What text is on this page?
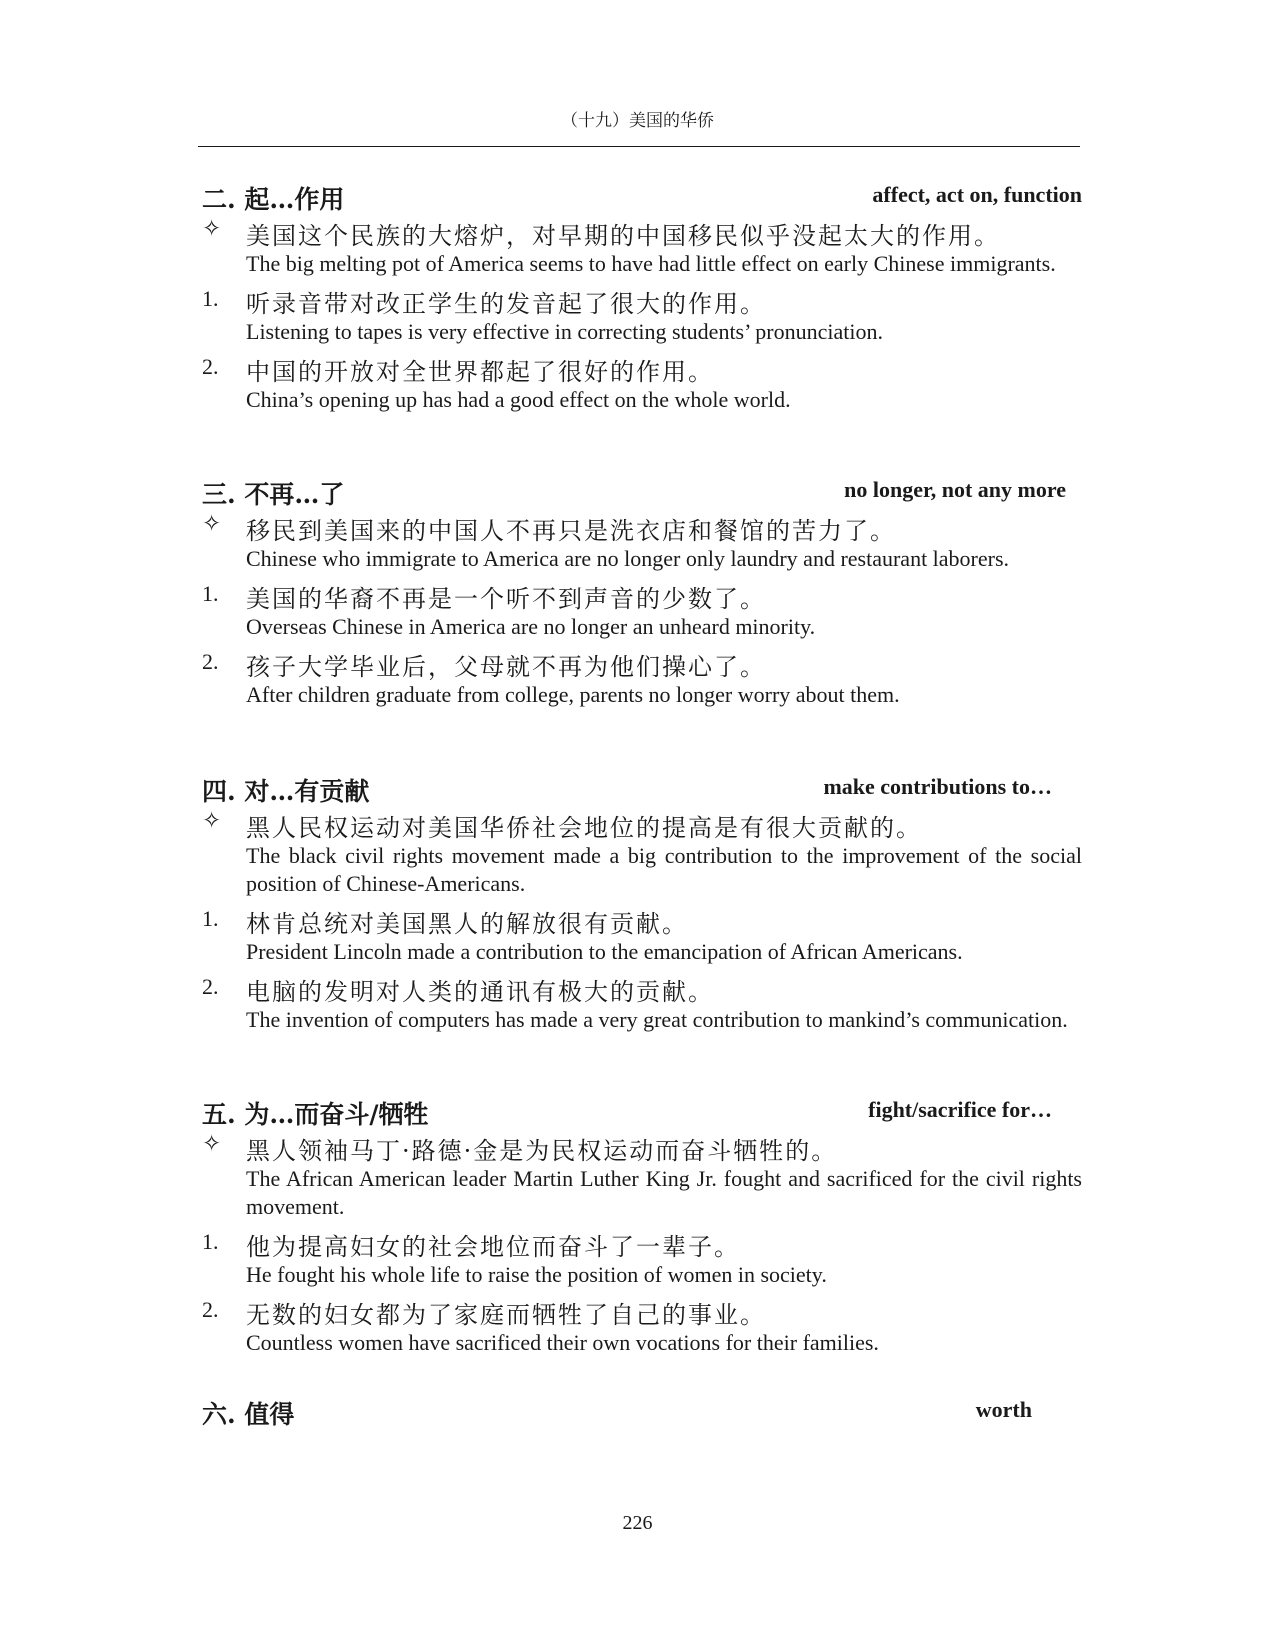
（十九）美国的华侨
二. 起…作用	affect, act on, function
✧ 美国这个民族的大熔炉，对早期的中国移民似乎没起太大的作用。
The big melting pot of America seems to have had little effect on early Chinese immigrants.
1. 听录音带对改正学生的发音起了很大的作用。
Listening to tapes is very effective in correcting students’ pronunciation.
2. 中国的开放对全世界都起了很好的作用。
China’s opening up has had a good effect on the whole world.
三. 不再…了	no longer, not any more
✧ 移民到美国来的中国人不再只是洗衣店和餐馆的苦力了。
Chinese who immigrate to America are no longer only laundry and restaurant laborers.
1. 美国的华裔不再是一个听不到声音的少数了。
Overseas Chinese in America are no longer an unheard minority.
2. 孩子大学毕业后，父母就不再为他们操心了。
After children graduate from college, parents no longer worry about them.
四. 对…有贡献	make contributions to…
✧ 黑人民权运动对美国华侨社会地位的提高是有很大贡献的。
The black civil rights movement made a big contribution to the improvement of the social position of Chinese-Americans.
1. 林肯总统对美国黑人的解放很有贡献。
President Lincoln made a contribution to the emancipation of African Americans.
2. 电脑的发明对人类的通讯有极大的贡献。
The invention of computers has made a very great contribution to mankind’s communication.
五. 为…而奋斗/牺牲	fight/sacrifice for…
✧ 黑人领袖马丁·路德·金是为民权运动而奋斗牺牲的。
The African American leader Martin Luther King Jr. fought and sacrificed for the civil rights movement.
1. 他为提高妇女的社会地位而奋斗了一辈子。
He fought his whole life to raise the position of women in society.
2. 无数的妇女都为了家庭而牺牲了自己的事业。
Countless women have sacrificed their own vocations for their families.
六. 值得	worth
226
